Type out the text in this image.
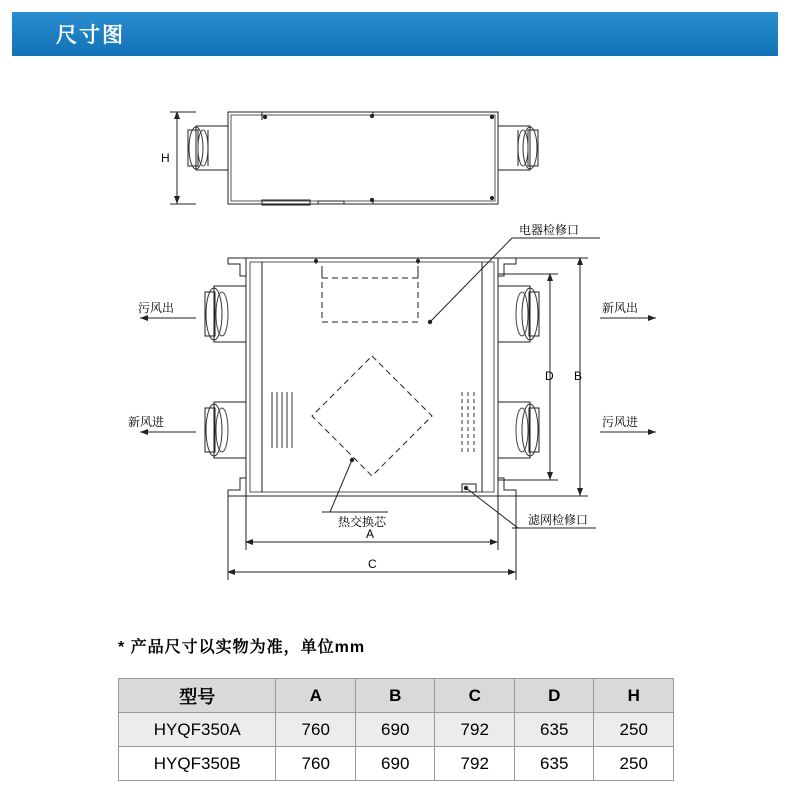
尺寸图
H
电器检修口
污风出	新风出
新风进	污风进
热交换芯	滤网检修口
A
C
B
D
* 产品尺寸以实物为准，单位mm
型号	A	B	C	D	H
HYQF350A	760	690	792	635	250
HYQF350B	760	690	792	635	250
